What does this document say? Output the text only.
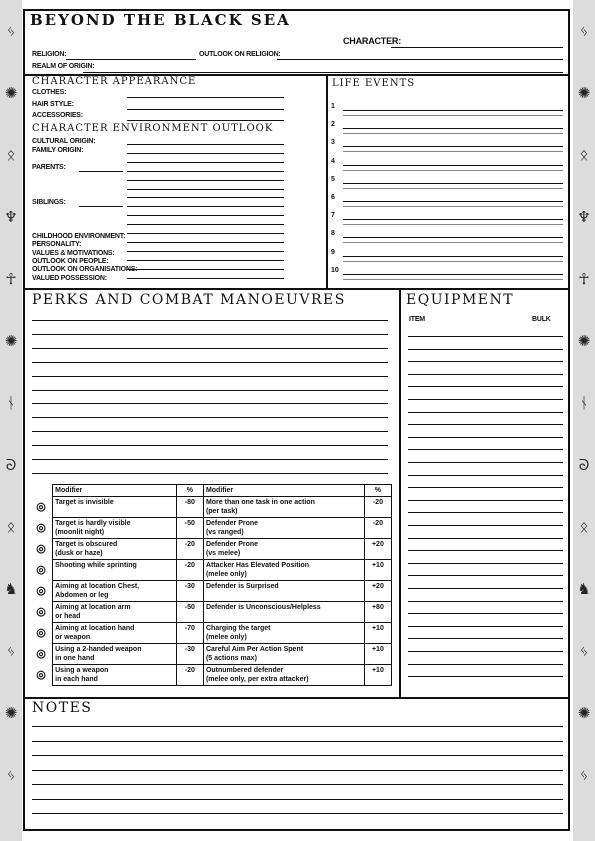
ᛃ
✺
ᛟ
♆
☥
✺
ᚾ
ᘐ
ᛟ
♞
ᛃ
✺
ᛃ
ᛃ
✺
ᛟ
♆
☥
✺
ᚾ
ᘐ
ᛟ
♞
ᛃ
✺
ᛃ
BEYOND THE BLACK SEA
CHARACTER:
RELIGION:	OUTLOOK ON RELIGION:
REALM OF ORIGIN:
CHARACTER APPEARANCE
CLOTHES:
HAIR STYLE:
ACCESSORIES:
CHARACTER ENVIRONMENT OUTLOOK
CULTURAL ORIGIN:
FAMILY ORIGIN:
PARENTS:
SIBLINGS:
CHILDHOOD ENVIRONMENT:
PERSONALITY:
VALUES & MOTIVATIONS:
OUTLOOK ON PEOPLE:
OUTLOOK ON ORGANISATIONS:
VALUED POSSESSION:
LIFE EVENTS
1
2
3
4
5
6
7
8
9
10
PERKS AND COMBAT MANOEUVRES	EQUIPMENT
ITEM	BULK
	Modifier	%	Modifier	%
◎	Target is invisible	-80	More than one task in one action
(per task)	-20
◎	Target is hardly visible
(moonlit night)	-50	Defender Prone
(vs ranged)	-20
◎	Target is obscured
(dusk or haze)	-20	Defender Prone
(vs melee)	+20
◎	Shooting while sprinting	-20	Attacker Has Elevated Position
(melee only)	+10
◎	Aiming at location Chest,
Abdomen or leg	-30	Defender is Surprised	+20
◎	Aiming at location arm
or head	-50	Defender is Unconscious/Helpless	+80
◎	Aiming at location hand
or weapon	-70	Charging the target
(melee only)	+10
◎	Using a 2-handed weapon
in one hand	-30	Careful Aim Per Action Spent
(5 actions max)	+10
◎	Using a weapon
in each hand	-20	Outnumbered defender
(melee only, per extra attacker)	+10
NOTES
